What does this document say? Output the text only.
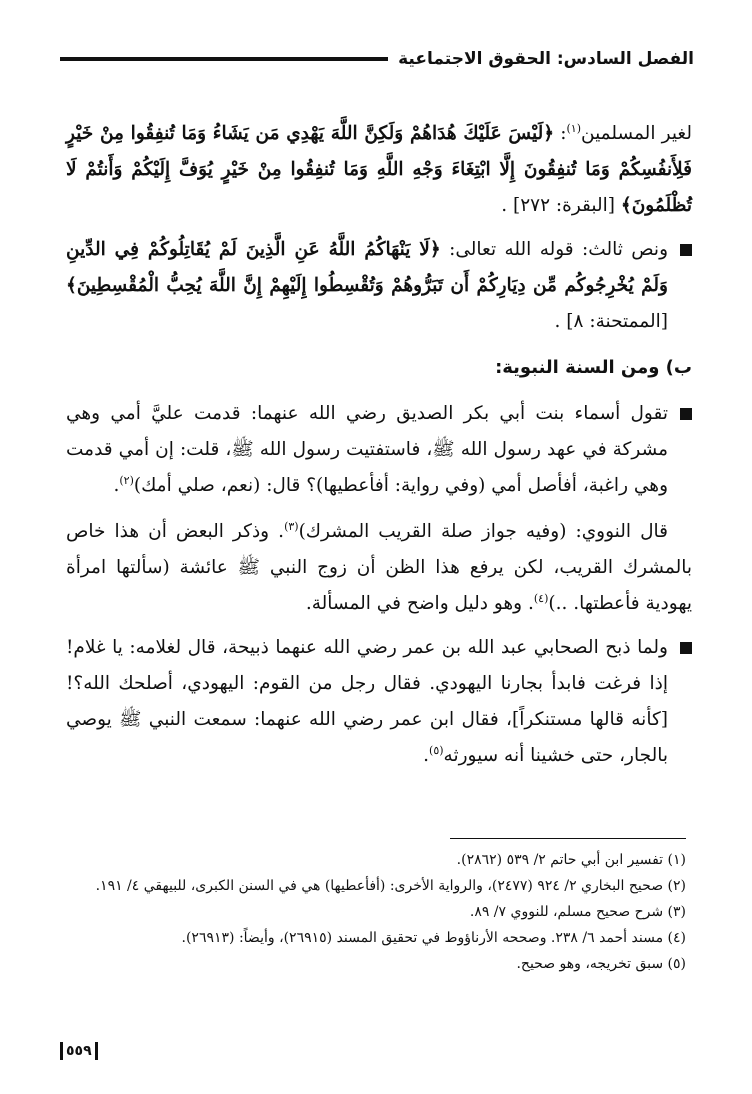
الفصل السادس: الحقوق الاجتماعية

لغير المسلمين$^{(١)}$: ﴿لَيْسَ عَلَيْكَ هُدَاهُمْ وَلَكِنَّ اللَّهَ يَهْدِي مَن يَشَاءُ وَمَا تُنفِقُوا مِنْ خَيْرٍ فَلِأَنفُسِكُمْ وَمَا تُنفِقُونَ إِلَّا ابْتِغَاءَ وَجْهِ اللَّهِ وَمَا تُنفِقُوا مِنْ خَيْرٍ يُوَفَّ إِلَيْكُمْ وَأَنتُمْ لَا تُظْلَمُونَ﴾ [البقرة: ٢٧٢] .

ونص ثالث: قوله الله تعالى: ﴿لَا يَنْهَاكُمُ اللَّهُ عَنِ الَّذِينَ لَمْ يُقَاتِلُوكُمْ فِي الدِّينِ وَلَمْ يُخْرِجُوكُم مِّن دِيَارِكُمْ أَن تَبَرُّوهُمْ وَتُقْسِطُوا إِلَيْهِمْ إِنَّ اللَّهَ يُحِبُّ الْمُقْسِطِينَ﴾ [الممتحنة: ٨] .
ب) ومن السنة النبوية:
تقول أسماء بنت أبي بكر الصديق رضي الله عنهما: قدمت عليَّ أمي وهي مشركة في عهد رسول الله ﷺ، فاستفتيت رسول الله ﷺ، قلت: إن أمي قدمت وهي راغبة، أفأصل أمي (وفي رواية: أفأعطيها)؟ قال: (نعم، صلي أمك)$^{(٢)}$.

قال النووي: (وفيه جواز صلة القريب المشرك)$^{(٣)}$. وذكر البعض أن هذا خاص بالمشرك القريب، لكن يرفع هذا الظن أن زوج النبي ﷺ عائشة (سألتها امرأة يهودية فأعطتها. ..)$^{(٤)}$. وهو دليل واضح في المسألة.

ولما ذبح الصحابي عبد الله بن عمر رضي الله عنهما ذبيحة، قال لغلامه: يا غلام! إذا فرغت فابدأ بجارنا اليهودي. فقال رجل من القوم: اليهودي، أصلحك الله؟! [كأنه قالها مستنكراً]، فقال ابن عمر رضي الله عنهما: سمعت النبي ﷺ يوصي بالجار، حتى خشينا أنه سيورثه$^{(٥)}$.
(١) تفسير ابن أبي حاتم ٢/ ٥٣٩ (٢٨٦٢).
(٢) صحيح البخاري ٢/ ٩٢٤ (٢٤٧٧)، والرواية الأخرى: (أفأعطيها) هي في السنن الكبرى، للبيهقي ٤/ ١٩١.
(٣) شرح صحيح مسلم، للنووي ٧/ ٨٩.
(٤) مسند أحمد ٦/ ٢٣٨. وصححه الأرناؤوط في تحقيق المسند (٢٦٩١٥)، وأيضاً: (٢٦٩١٣).
(٥) سبق تخريجه، وهو صحيح.
٥٥٩
